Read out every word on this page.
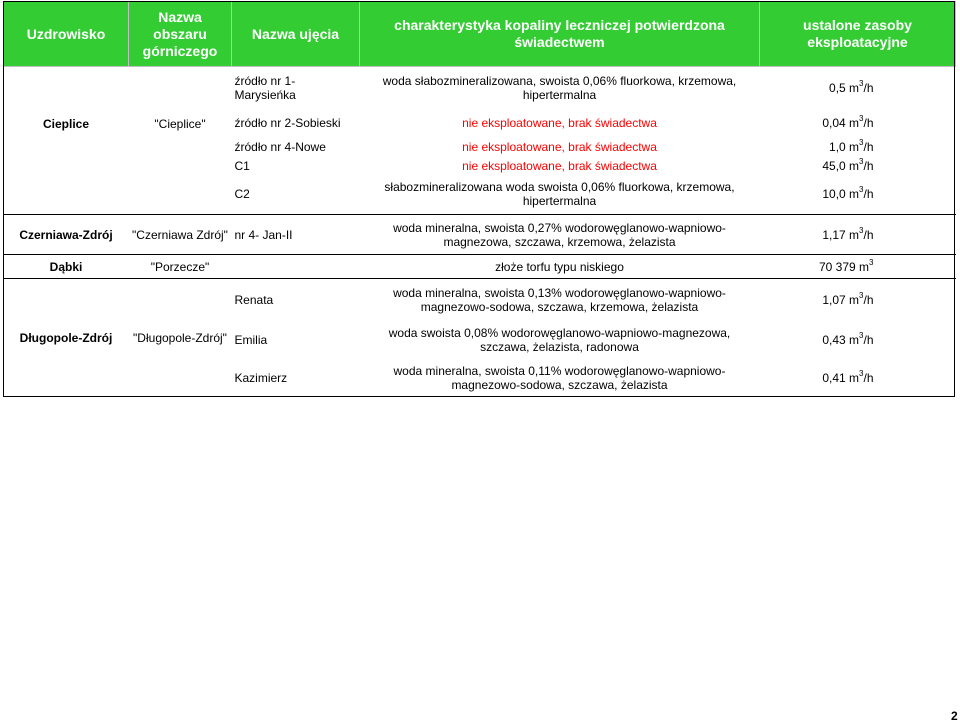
Uzdrowisko	Nazwa obszaru górniczego	Nazwa ujęcia	charakterystyka kopaliny leczniczej potwierdzona świadectwem	ustalone zasoby eksploatacyjne
Cieplice	"Cieplice"	źródło nr 1-Marysieńka	woda słabozmineralizowana, swoista 0,06% fluorkowa, krzemowa, hipertermalna	0,5 $m^3/h$
		źródło nr 2-Sobieski	nie eksploatowane, brak świadectwa	0,04 $m^3/h$
		źródło nr 4-Nowe	nie eksploatowane, brak świadectwa	1,0 $m^3/h$
		C1	nie eksploatowane, brak świadectwa	45,0 $m^3/h$
		C2	słabozmineralizowana woda swoista 0,06% fluorkowa, krzemowa, hipertermalna	10,0 $m^3/h$
Czerniawa-Zdrój	"Czerniawa Zdrój"	nr 4- Jan-II	woda mineralna, swoista 0,27% wodorowęglanowo-wapniowo-magnezowa, szczawa, krzemowa, żelazista	1,17 $m^3/h$
Dąbki	"Porzecze"		złoże torfu typu niskiego	70 379 $m^3$
Długopole-Zdrój	"Długopole-Zdrój"	Renata	woda mineralna, swoista 0,13% wodorowęglanowo-wapniowo-magnezowo-sodowa, szczawa, krzemowa, żelazista	1,07 $m^3/h$
		Emilia	woda swoista 0,08% wodorowęglanowo-wapniowo-magnezowa, szczawa, żelazista, radonowa	0,43 $m^3/h$
		Kazimierz	woda mineralna, swoista 0,11% wodorowęglanowo-wapniowo-magnezowo-sodowa, szczawa, żelazista	0,41 $m^3/h$
2
